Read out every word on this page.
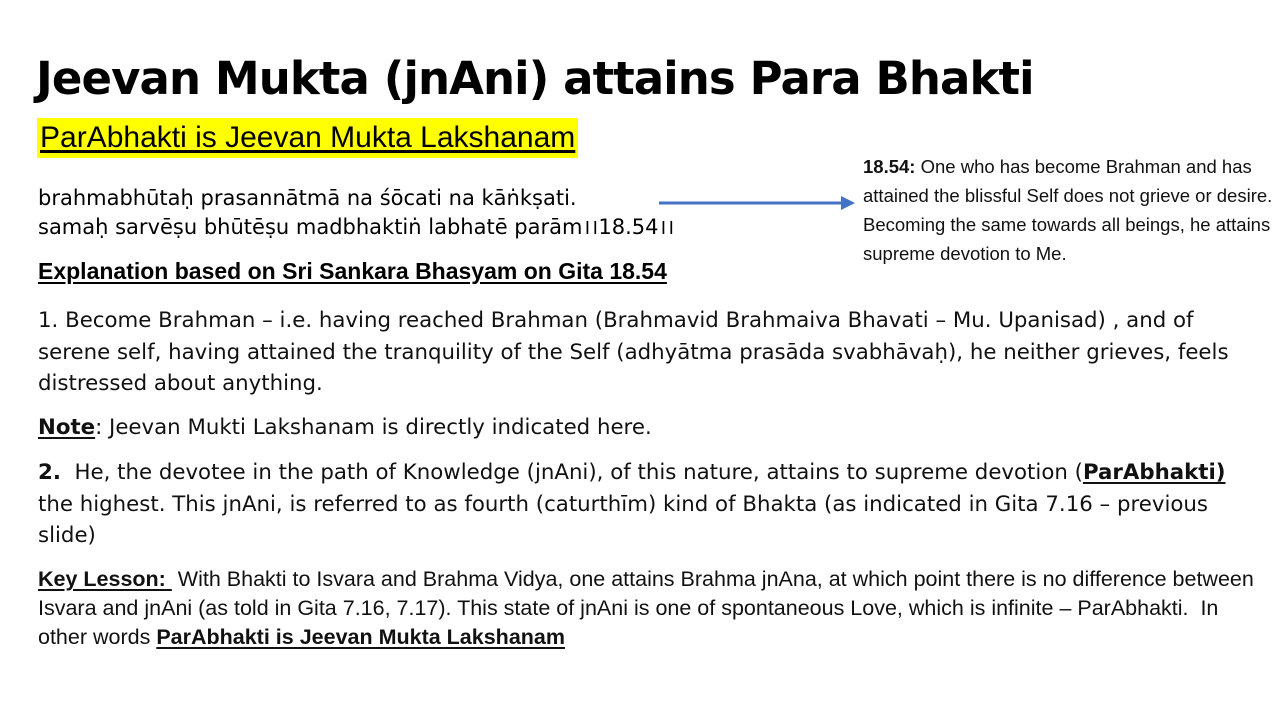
Jeevan Mukta (jnAni) attains Para Bhakti
ParAbhakti is Jeevan Mukta Lakshanam
brahmabhūtaḥ prasannātmā na śōcati na kāṅkṣati.
samaḥ sarvēṣu bhūtēṣu madbhaktiṅ labhatē parām।।18.54।।
18.54: One who has become Brahman and has attained the blissful Self does not grieve or desire. Becoming the same towards all beings, he attains supreme devotion to Me.
Explanation based on Sri Sankara Bhasyam on Gita 18.54
1. Become Brahman – i.e. having reached Brahman (Brahmavid Brahmaiva Bhavati – Mu. Upanisad) , and of serene self, having attained the tranquility of the Self (adhyātma prasāda svabhāvaḥ), he neither grieves, feels distressed about anything.
Note: Jeevan Mukti Lakshanam is directly indicated here.
2.  He, the devotee in the path of Knowledge (jnAni), of this nature, attains to supreme devotion (ParAbhakti) the highest. This jnAni, is referred to as fourth (caturthīm) kind of Bhakta (as indicated in Gita 7.16 – previous slide)
Key Lesson:  With Bhakti to Isvara and Brahma Vidya, one attains Brahma jnAna, at which point there is no difference between Isvara and jnAni (as told in Gita 7.16, 7.17). This state of jnAni is one of spontaneous Love, which is infinite – ParAbhakti.  In other words ParAbhakti is Jeevan Mukta Lakshanam
